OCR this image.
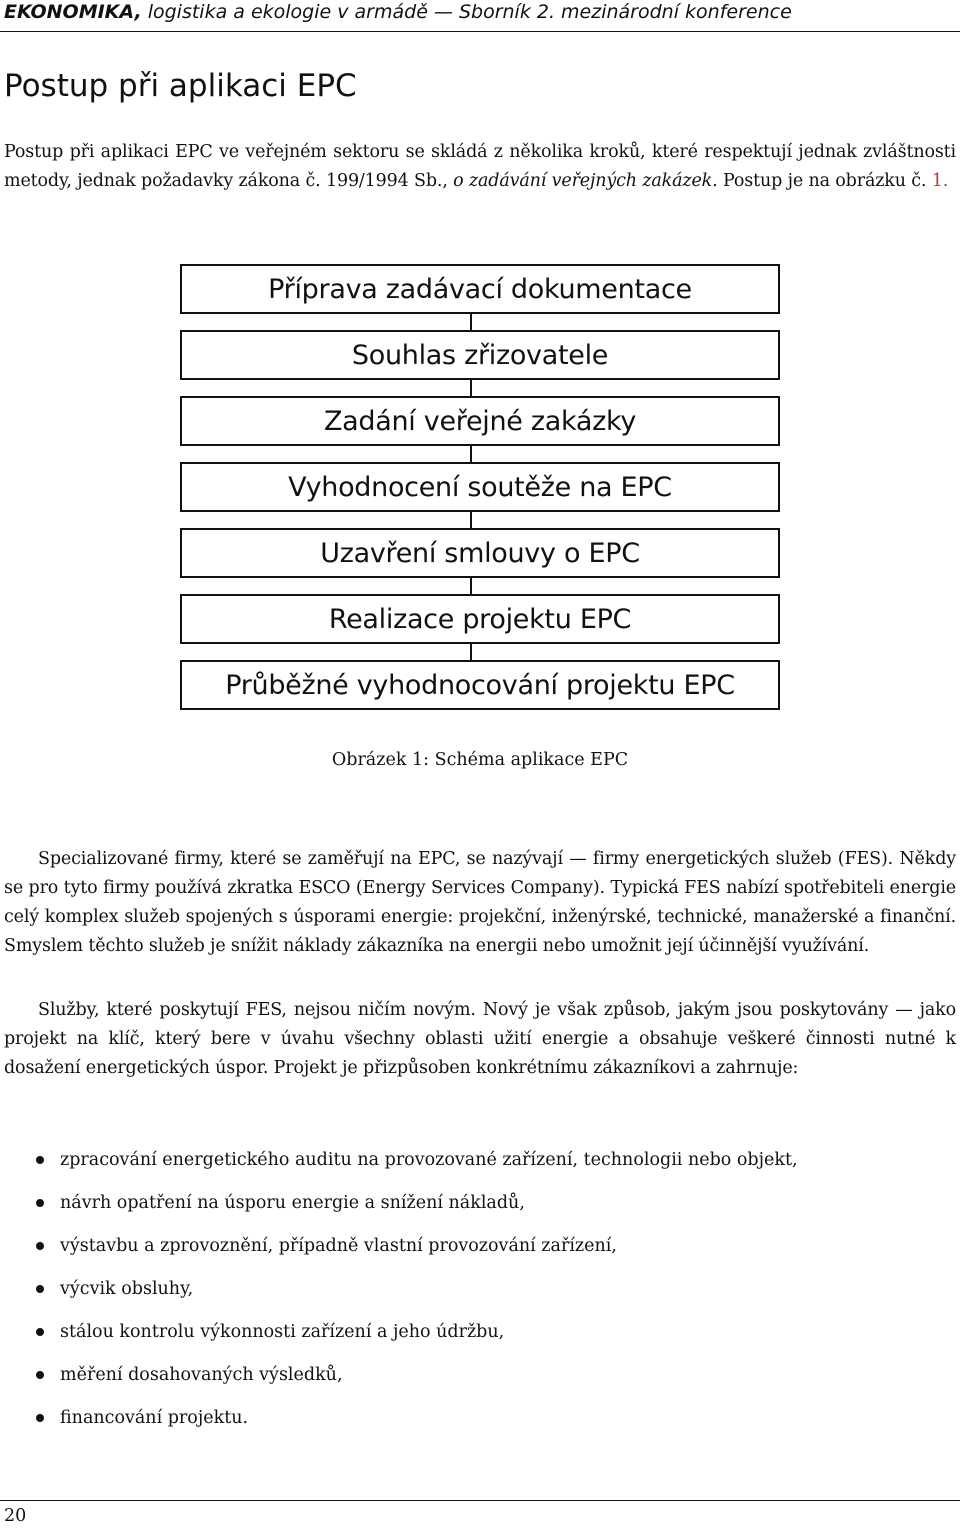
EKONOMIKA, logistika a ekologie v armádě — Sborník 2. mezinárodní konference
Postup při aplikaci EPC

Postup při aplikaci EPC ve veřejném sektoru se skládá z několika kroků, které respektují jednak zvláštnosti metody, jednak požadavky zákona č. 199/1994 Sb., o zadávání veřejných zakázek. Postup je na obrázku č. 1.

Příprava zadávací dokumentace
Souhlas zřizovatele
Zadání veřejné zakázky
Vyhodnocení soutěže na EPC
Uzavření smlouvy o EPC
Realizace projektu EPC
Průběžné vyhodnocování projektu EPC
Obrázek 1: Schéma aplikace EPC

Specializované firmy, které se zaměřují na EPC, se nazývají — firmy energetických služeb (FES). Někdy se pro tyto firmy používá zkratka ESCO (Energy Services Company). Typická FES nabízí spotřebiteli energie celý komplex služeb spojených s úsporami energie: projekční, inženýrské, technické, manažerské a finanční. Smyslem těchto služeb je snížit náklady zákazníka na energii nebo umožnit její účinnější využívání.

Služby, které poskytují FES, nejsou ničím novým. Nový je však způsob, jakým jsou poskytovány — jako projekt na klíč, který bere v úvahu všechny oblasti užití energie a obsahuje veškeré činnosti nutné k dosažení energetických úspor. Projekt je přizpůsoben konkrétnímu zákazníkovi a zahrnuje:

zpracování energetického auditu na provozované zařízení, technologii nebo objekt,
návrh opatření na úsporu energie a snížení nákladů,
výstavbu a zprovoznění, případně vlastní provozování zařízení,
výcvik obsluhy,
stálou kontrolu výkonnosti zařízení a jeho údržbu,
měření dosahovaných výsledků,
financování projektu.
20
